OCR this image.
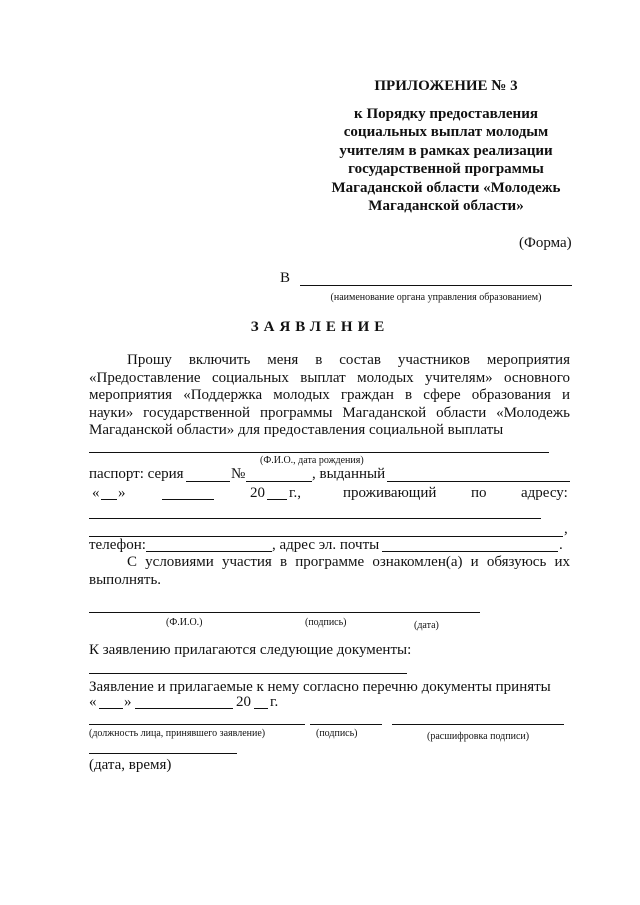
ПРИЛОЖЕНИЕ № 3
к Порядку предоставления
социальных выплат молодым
учителям в рамках реализации
государственной программы
Магаданской области «Молодежь
Магаданской области»
(Форма)
В
(наименование органа управления образованием)
ЗАЯВЛЕНИЕ
Прошу включить меня в состав участников мероприятия
«Предоставление социальных выплат молодых учителям» основного
мероприятия «Поддержка молодых граждан в сфере образования и
науки» государственной программы Магаданской области «Молодежь
Магаданской области» для предоставления социальной выплаты
(Ф.И.О., дата рождения)
паспорт: серия	№	, выданный
« »	20 г.,	проживающий по адресу:
,
телефон:	, адрес эл. почты	.
С условиями участия в программе ознакомлен(а) и обязуюсь их
выполнять.
(Ф.И.О.)	(подпись)	(дата)
К заявлению прилагаются следующие документы:
Заявление и прилагаемые к нему согласно перечню документы приняты
« »	20 г.
(должность лица, принявшего заявление)	(подпись)	(расшифровка подписи)
(дата, время)
